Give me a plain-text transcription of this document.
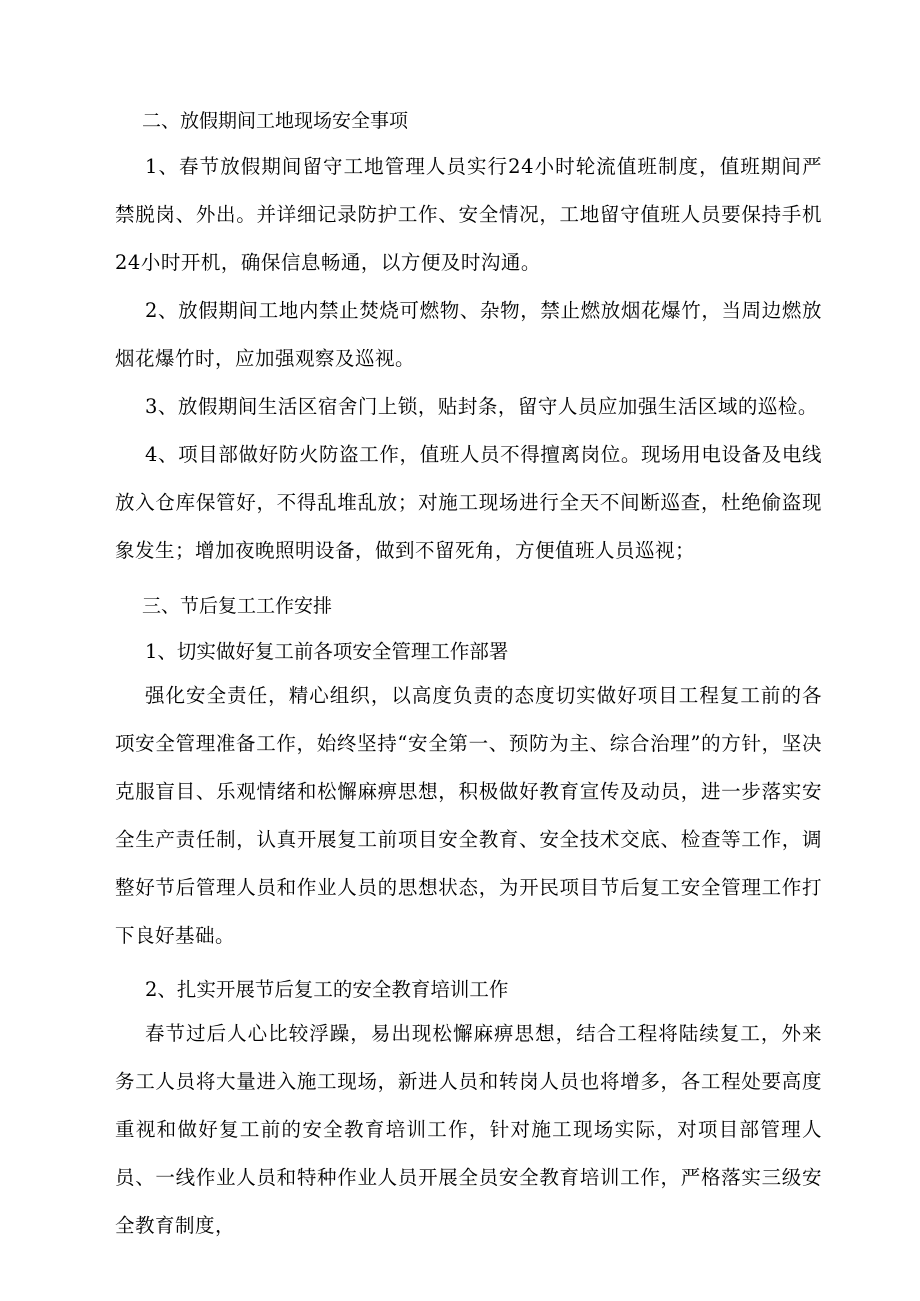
二、放假期间工地现场安全事项
1、春节放假期间留守工地管理人员实行24小时轮流值班制度，值班期间严禁脱岗、外出。并详细记录防护工作、安全情况，工地留守值班人员要保持手机24小时开机，确保信息畅通，以方便及时沟通。
2、放假期间工地内禁止焚烧可燃物、杂物，禁止燃放烟花爆竹，当周边燃放烟花爆竹时，应加强观察及巡视。
3、放假期间生活区宿舍门上锁，贴封条，留守人员应加强生活区域的巡检。
4、项目部做好防火防盗工作，值班人员不得擅离岗位。现场用电设备及电线放入仓库保管好，不得乱堆乱放；对施工现场进行全天不间断巡查，杜绝偷盗现象发生；增加夜晚照明设备，做到不留死角，方便值班人员巡视；
三、节后复工工作安排
1、切实做好复工前各项安全管理工作部署
强化安全责任，精心组织，以高度负责的态度切实做好项目工程复工前的各项安全管理准备工作，始终坚持“安全第一、预防为主、综合治理”的方针，坚决克服盲目、乐观情绪和松懈麻痹思想，积极做好教育宣传及动员，进一步落实安全生产责任制，认真开展复工前项目安全教育、安全技术交底、检查等工作，调整好节后管理人员和作业人员的思想状态，为开民项目节后复工安全管理工作打下良好基础。
2、扎实开展节后复工的安全教育培训工作
春节过后人心比较浮躁，易出现松懈麻痹思想，结合工程将陆续复工，外来务工人员将大量进入施工现场，新进人员和转岗人员也将增多，各工程处要高度重视和做好复工前的安全教育培训工作，针对施工现场实际，对项目部管理人员、一线作业人员和特种作业人员开展全员安全教育培训工作，严格落实三级安全教育制度，
